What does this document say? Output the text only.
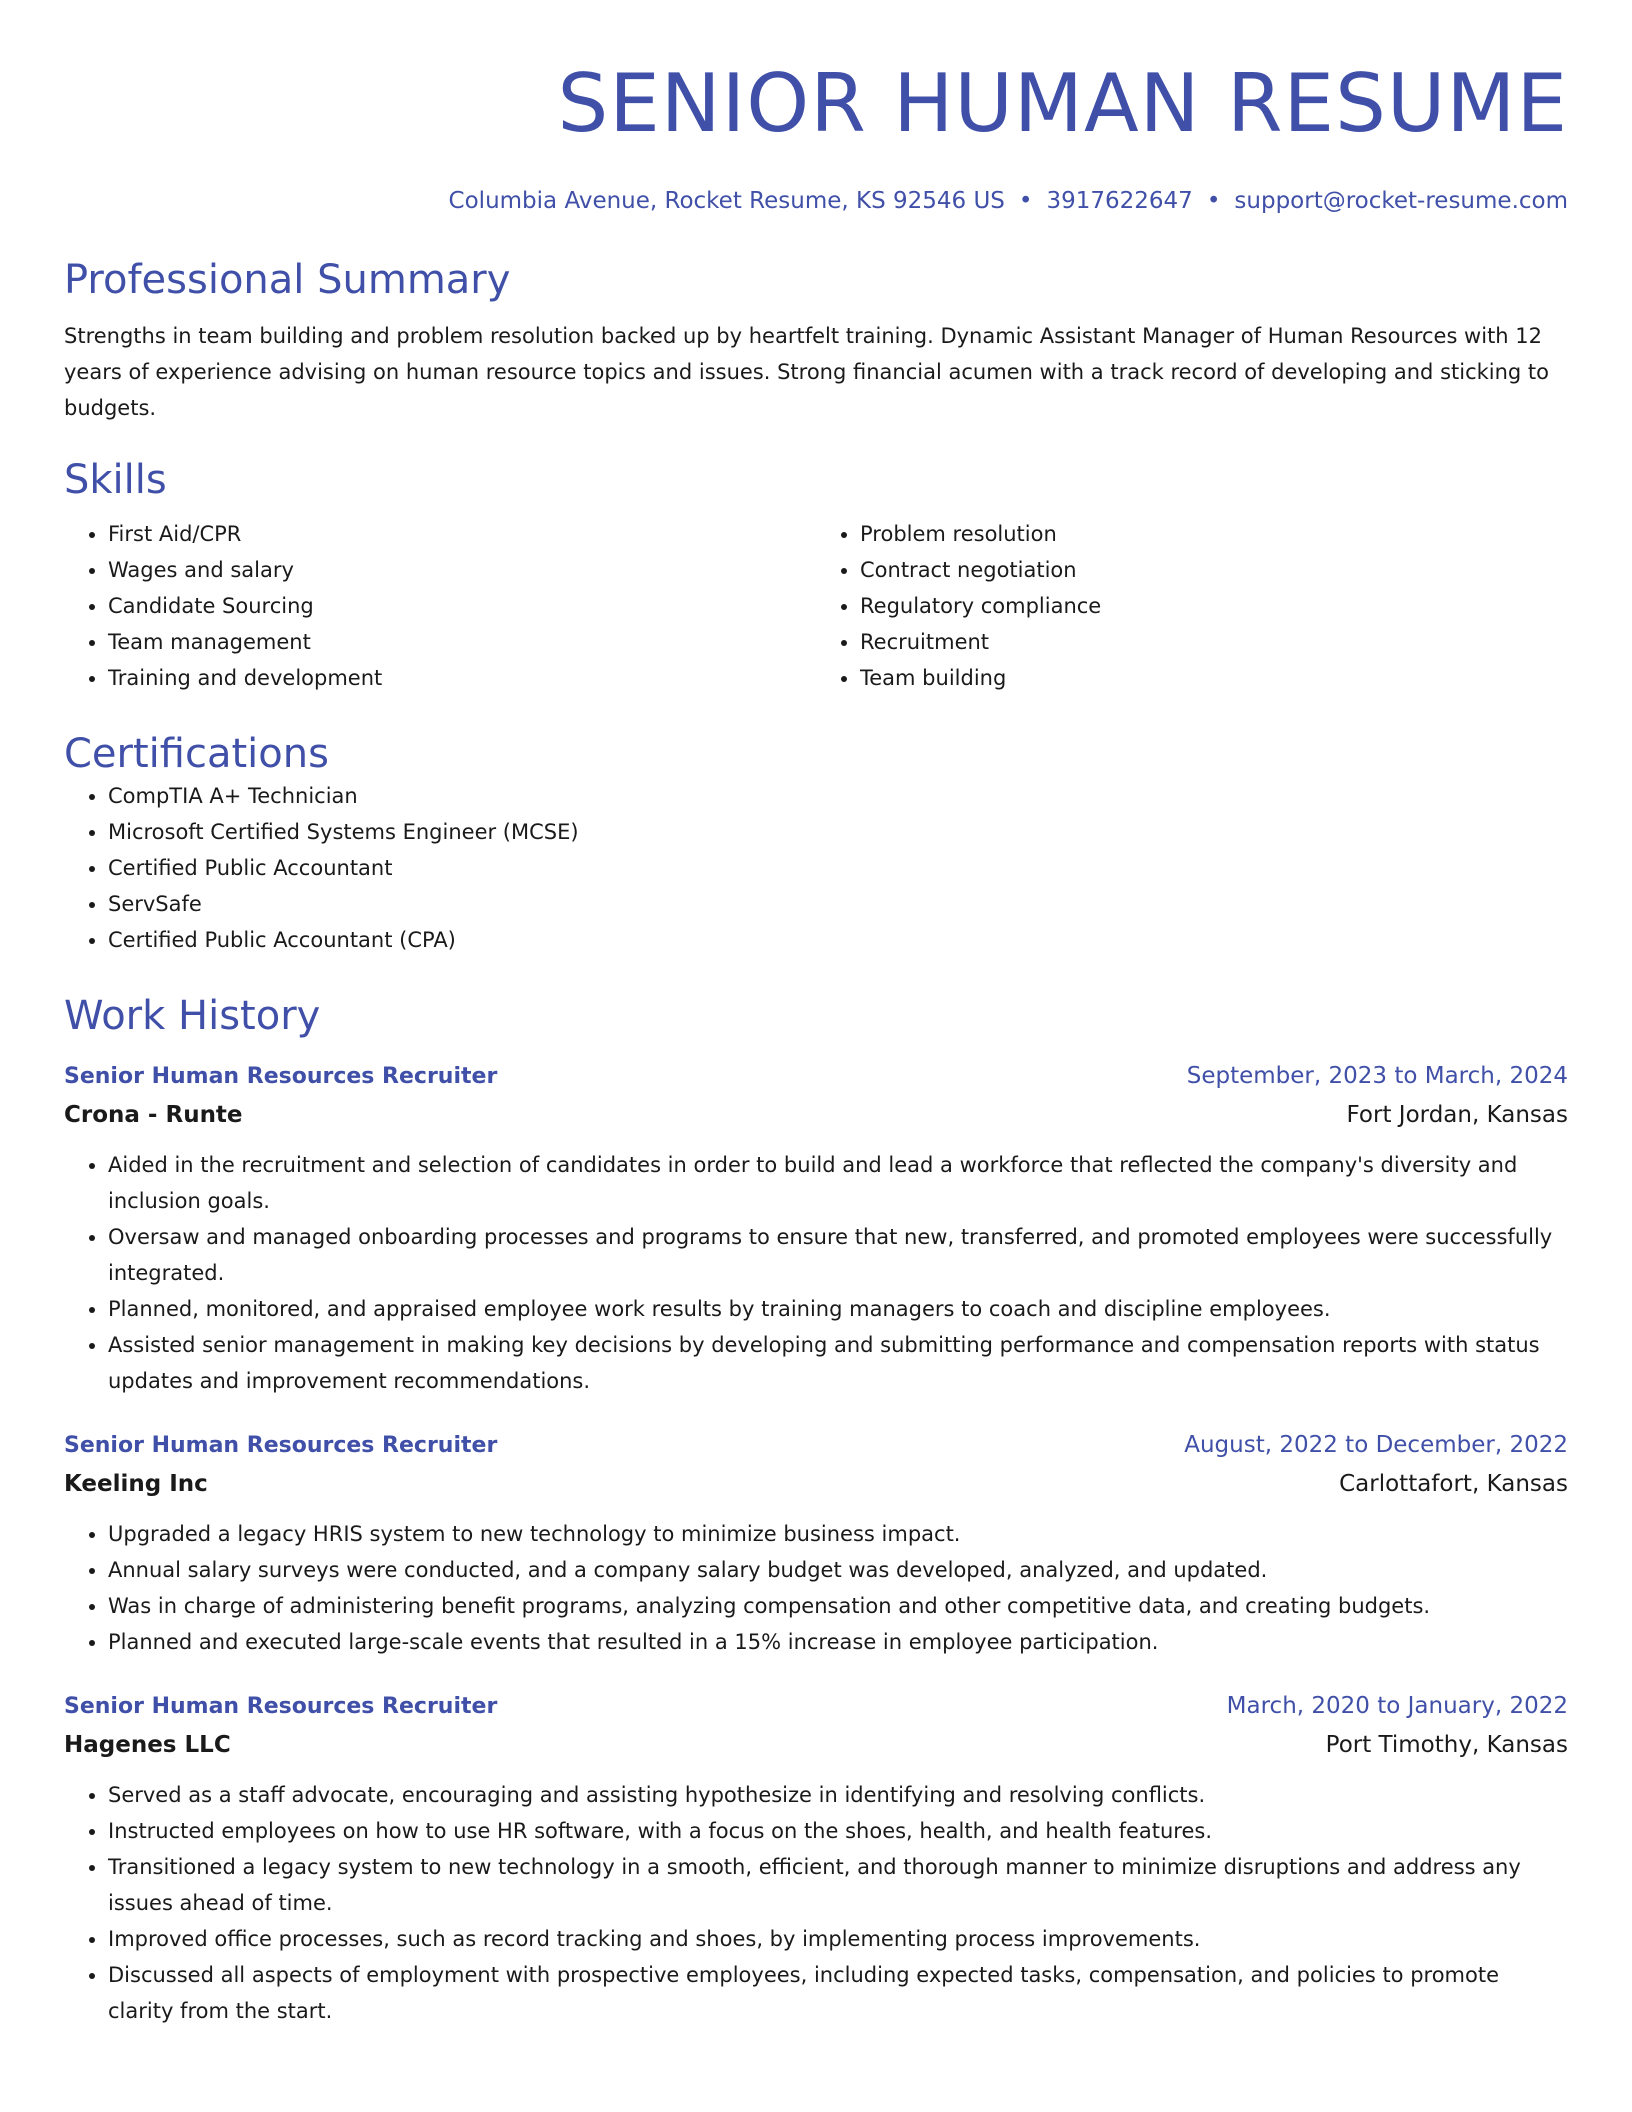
SENIOR HUMAN RESUME
Columbia Avenue, Rocket Resume, KS 92546 US • 3917622647 • support@rocket-resume.com
Professional Summary
Strengths in team building and problem resolution backed up by heartfelt training. Dynamic Assistant Manager of Human Resources with 12 years of experience advising on human resource topics and issues. Strong financial acumen with a track record of developing and sticking to budgets.
Skills
• First Aid/CPR
• Wages and salary
• Candidate Sourcing
• Team management
• Training and development
• Problem resolution
• Contract negotiation
• Regulatory compliance
• Recruitment
• Team building
Certifications
• CompTIA A+ Technician
• Microsoft Certified Systems Engineer (MCSE)
• Certified Public Accountant
• ServSafe
• Certified Public Accountant (CPA)
Work History
Senior Human Resources Recruiter	September, 2023 to March, 2024
Crona - Runte	Fort Jordan, Kansas
• Aided in the recruitment and selection of candidates in order to build and lead a workforce that reflected the company's diversity and inclusion goals.
• Oversaw and managed onboarding processes and programs to ensure that new, transferred, and promoted employees were successfully integrated.
• Planned, monitored, and appraised employee work results by training managers to coach and discipline employees.
• Assisted senior management in making key decisions by developing and submitting performance and compensation reports with status updates and improvement recommendations.
Senior Human Resources Recruiter	August, 2022 to December, 2022
Keeling Inc	Carlottafort, Kansas
• Upgraded a legacy HRIS system to new technology to minimize business impact.
• Annual salary surveys were conducted, and a company salary budget was developed, analyzed, and updated.
• Was in charge of administering benefit programs, analyzing compensation and other competitive data, and creating budgets.
• Planned and executed large-scale events that resulted in a 15% increase in employee participation.
Senior Human Resources Recruiter	March, 2020 to January, 2022
Hagenes LLC	Port Timothy, Kansas
• Served as a staff advocate, encouraging and assisting hypothesize in identifying and resolving conflicts.
• Instructed employees on how to use HR software, with a focus on the shoes, health, and health features.
• Transitioned a legacy system to new technology in a smooth, efficient, and thorough manner to minimize disruptions and address any issues ahead of time.
• Improved office processes, such as record tracking and shoes, by implementing process improvements.
• Discussed all aspects of employment with prospective employees, including expected tasks, compensation, and policies to promote clarity from the start.
